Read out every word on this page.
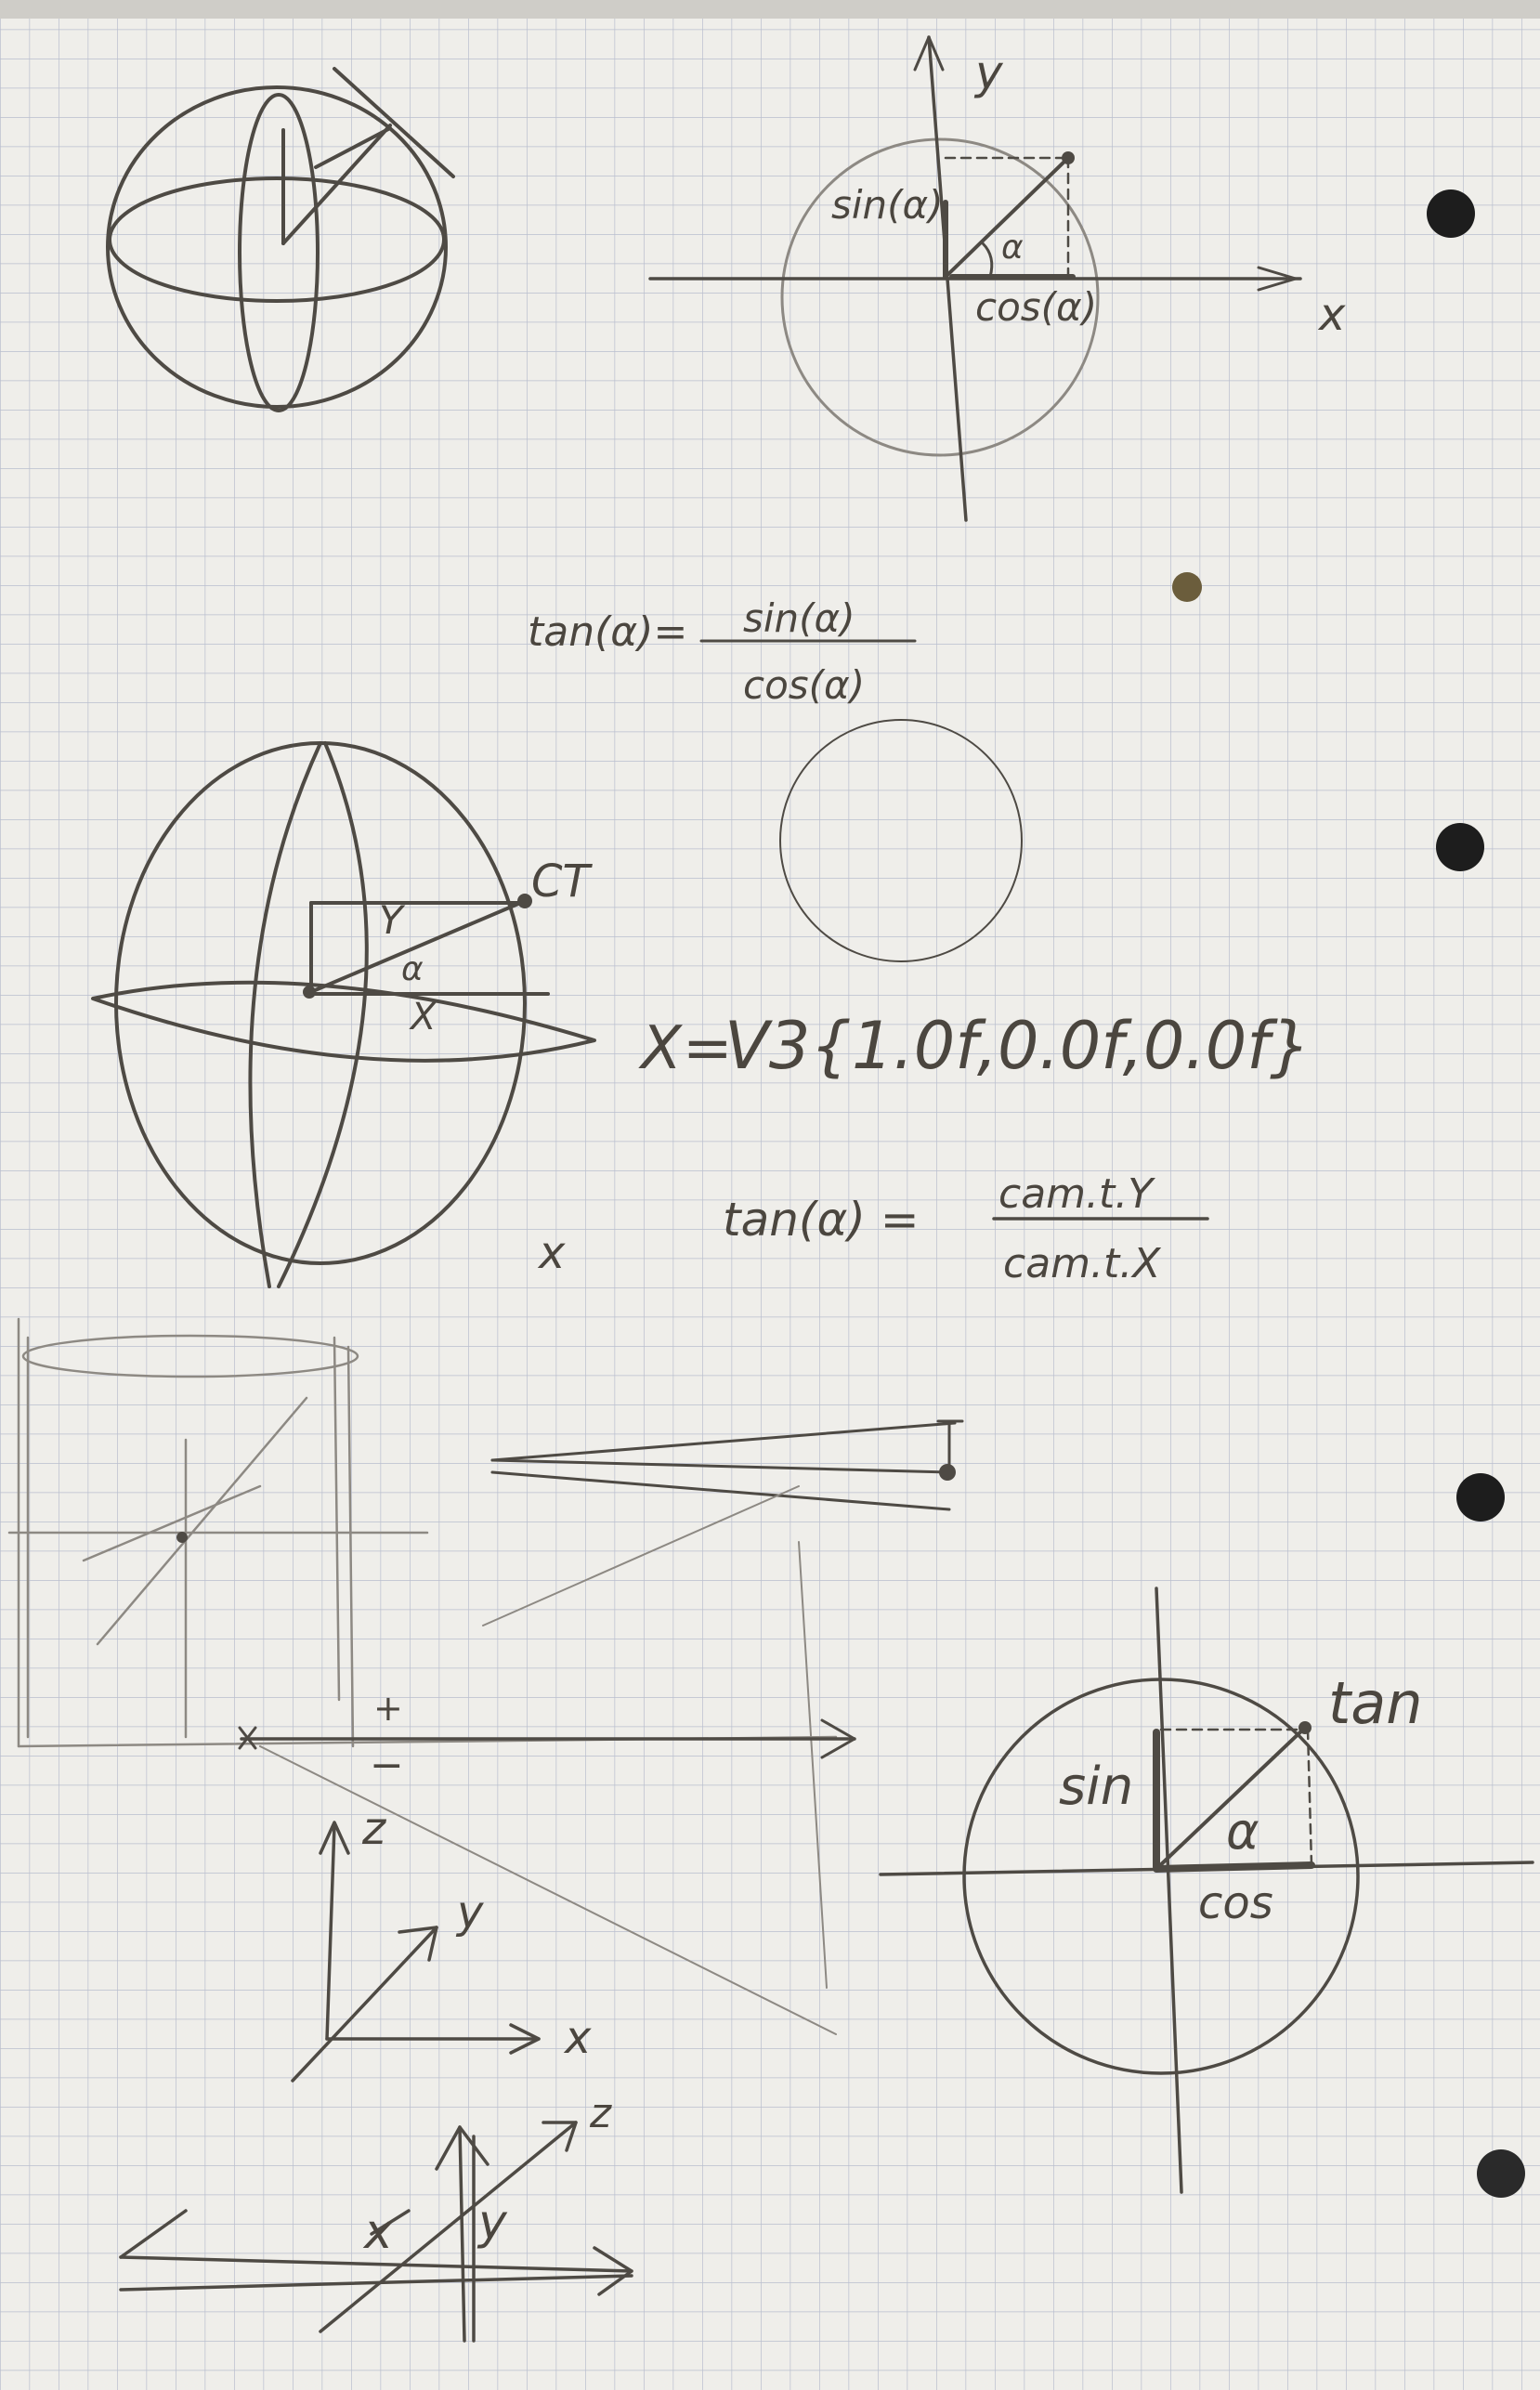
y
x
sin(α)
cos(α)
α
tan(α)= sin(α)
cos(α)
CT
Y
X
α
x
X =
V3{1.0f,0.0f,0.0f}
tan(α) = cam.t.Y
cam.t.X
+
−
z
y
x
tan
sin
cos
α
z
x y
